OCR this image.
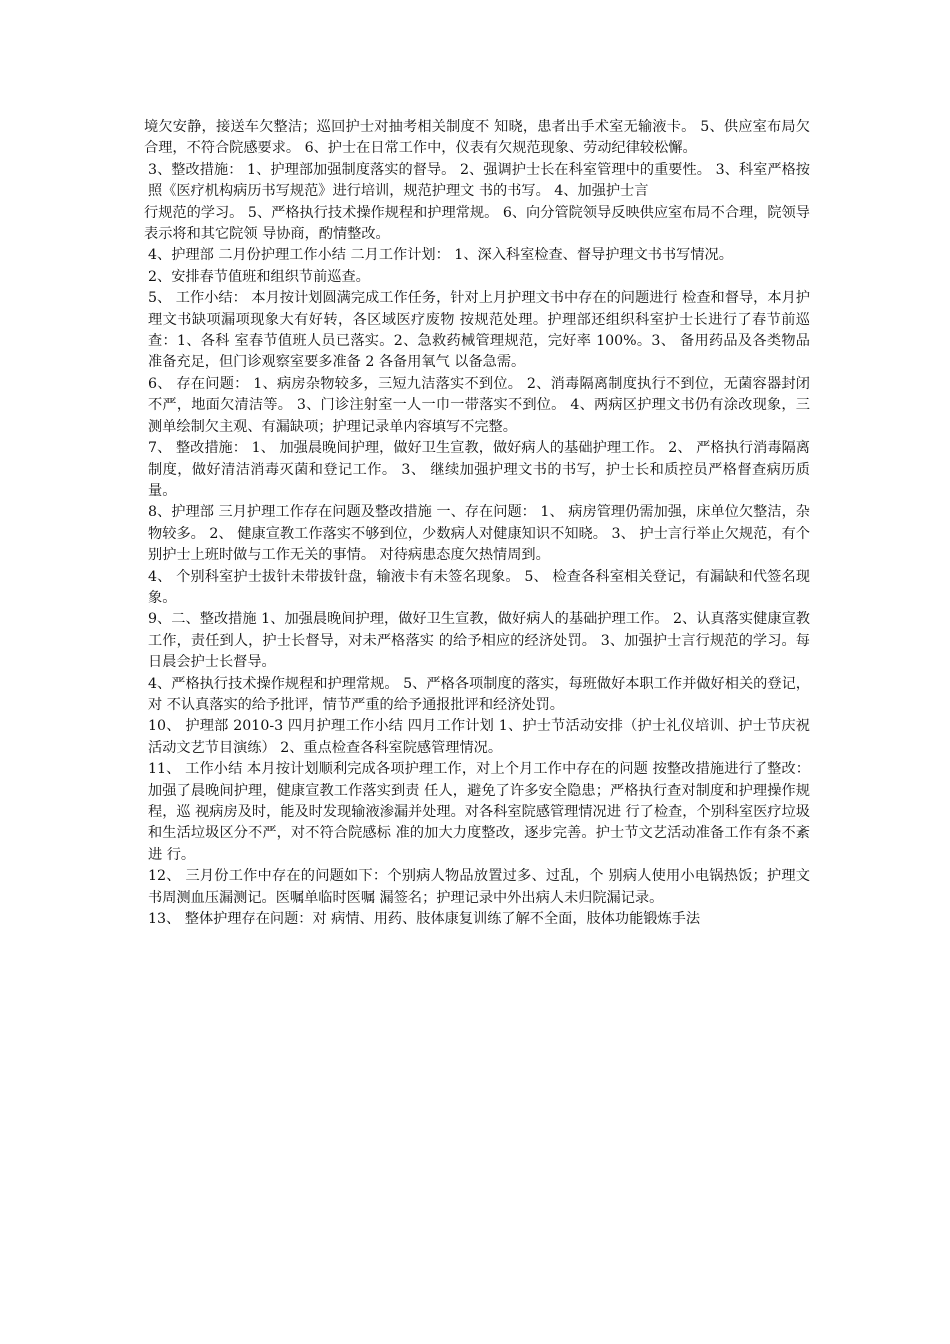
境欠安静，接送车欠整洁；巡回护士对抽考相关制度不 知晓，患者出手术室无输液卡。 5、供应室布局欠合理，不符合院感要求。 6、护士在日常工作中，仪表有欠规范现象、劳动纪律较松懈。

3、整改措施： 1、护理部加强制度落实的督导。 2、强调护士长在科室管理中的重要性。 3、科室严格按照《医疗机构病历书写规范》进行培训，规范护理文 书的书写。 4、加强护士言

行规范的学习。 5、严格执行技术操作规程和护理常规。 6、向分管院领导反映供应室布局不合理，院领导表示将和其它院领 导协商，酌情整改。

4、护理部 二月份护理工作小结 二月工作计划： 1、深入科室检查、督导护理文书书写情况。

2、安排春节值班和组织节前巡查。

5、 工作小结： 本月按计划圆满完成工作任务，针对上月护理文书中存在的问题进行 检查和督导，本月护理文书缺项漏项现象大有好转，各区域医疗废物 按规范处理。护理部还组织科室护士长进行了春节前巡查：1、各科 室春节值班人员已落实。2、急救药械管理规范，完好率 100%。3、 备用药品及各类物品准备充足，但门诊观察室要多准备 2 各备用氧气 以备急需。

6、 存在问题： 1、病房杂物较多，三短九洁落实不到位。 2、消毒隔离制度执行不到位，无菌容器封闭不严，地面欠清洁等。 3、门诊注射室一人一巾一带落实不到位。 4、两病区护理文书仍有涂改现象，三测单绘制欠主观、有漏缺项；护理记录单内容填写不完整。

7、 整改措施： 1、 加强晨晚间护理，做好卫生宣教，做好病人的基础护理工作。 2、 严格执行消毒隔离制度，做好清洁消毒灭菌和登记工作。 3、 继续加强护理文书的书写，护士长和质控员严格督查病历质量。

8、护理部 三月护理工作存在问题及整改措施 一、存在问题： 1、 病房管理仍需加强，床单位欠整洁，杂物较多。 2、 健康宣教工作落实不够到位，少数病人对健康知识不知晓。 3、 护士言行举止欠规范，有个别护士上班时做与工作无关的事情。 对待病患态度欠热情周到。

4、 个别科室护士拔针未带拔针盘，输液卡有未签名现象。 5、 检查各科室相关登记，有漏缺和代签名现象。

9、二、整改措施 1、加强晨晚间护理，做好卫生宣教，做好病人的基础护理工作。 2、认真落实健康宣教工作，责任到人，护士长督导，对未严格落实 的给予相应的经济处罚。 3、加强护士言行规范的学习。每日晨会护士长督导。

4、严格执行技术操作规程和护理常规。 5、严格各项制度的落实，每班做好本职工作并做好相关的登记，对 不认真落实的给予批评，情节严重的给予通报批评和经济处罚。

10、 护理部 2010-3 四月护理工作小结 四月工作计划 1、护士节活动安排（护士礼仪培训、护士节庆祝活动文艺节目演练） 2、重点检查各科室院感管理情况。

11、 工作小结 本月按计划顺利完成各项护理工作，对上个月工作中存在的问题 按整改措施进行了整改：加强了晨晚间护理，健康宣教工作落实到责 任人，避免了许多安全隐患；严格执行查对制度和护理操作规程，巡 视病房及时，能及时发现输液渗漏并处理。对各科室院感管理情况进 行了检查，个别科室医疗垃圾和生活垃圾区分不严，对不符合院感标 准的加大力度整改，逐步完善。护士节文艺活动准备工作有条不紊进 行。

12、 三月份工作中存在的问题如下：个别病人物品放置过多、过乱，个 别病人使用小电锅热饭；护理文书周测血压漏测记。医嘱单临时医嘱 漏签名；护理记录中外出病人未归院漏记录。

13、 整体护理存在问题：对 病情、用药、肢体康复训练了解不全面，肢体功能锻炼手法
